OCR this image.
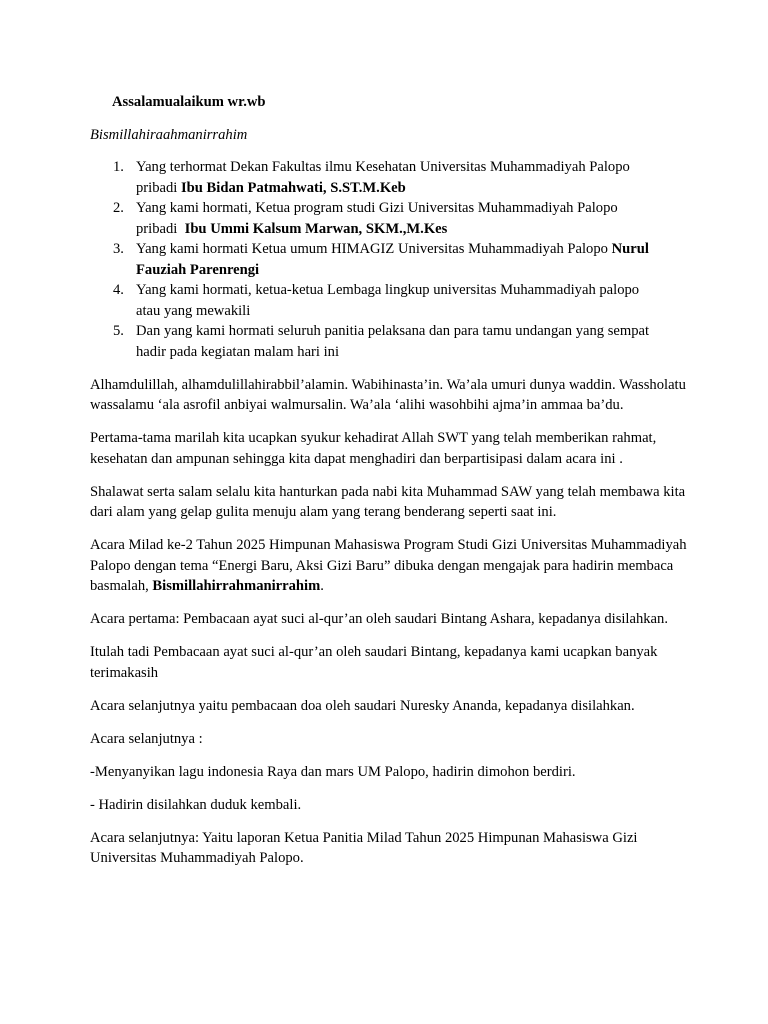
Assalamualaikum wr.wb

Bismillahiraahmanirrahim

1. Yang terhormat Dekan Fakultas ilmu Kesehatan Universitas Muhammadiyah Palopo
pribadi Ibu Bidan Patmahwati, S.ST.M.Keb
2. Yang kami hormati, Ketua program studi Gizi Universitas Muhammadiyah Palopo
pribadi  Ibu Ummi Kalsum Marwan, SKM.,M.Kes
3. Yang kami hormati Ketua umum HIMAGIZ Universitas Muhammadiyah Palopo Nurul Fauziah Parenrengi
4. Yang kami hormati, ketua-ketua Lembaga lingkup universitas Muhammadiyah palopo
atau yang mewakili
5. Dan yang kami hormati seluruh panitia pelaksana dan para tamu undangan yang sempat
hadir pada kegiatan malam hari ini

Alhamdulillah, alhamdulillahirabbil’alamin. Wabihinasta’in. Wa’ala umuri dunya waddin. Wassholatu wassalamu ‘ala asrofil anbiyai walmursalin. Wa’ala ‘alihi wasohbihi ajma’in ammaa ba’du.

Pertama-tama marilah kita ucapkan syukur kehadirat Allah SWT yang telah memberikan rahmat, kesehatan dan ampunan sehingga kita dapat menghadiri dan berpartisipasi dalam acara ini .

Shalawat serta salam selalu kita hanturkan pada nabi kita Muhammad SAW yang telah membawa kita dari alam yang gelap gulita menuju alam yang terang benderang seperti saat ini.

Acara Milad ke-2 Tahun 2025 Himpunan Mahasiswa Program Studi Gizi Universitas Muhammadiyah Palopo dengan tema “Energi Baru, Aksi Gizi Baru” dibuka dengan mengajak para hadirin membaca basmalah, Bismillahirrahmanirrahim.

Acara pertama: Pembacaan ayat suci al-qur’an oleh saudari Bintang Ashara, kepadanya disilahkan.

Itulah tadi Pembacaan ayat suci al-qur’an oleh saudari Bintang, kepadanya kami ucapkan banyak terimakasih

Acara selanjutnya yaitu pembacaan doa oleh saudari Nuresky Ananda, kepadanya disilahkan.

Acara selanjutnya :

-Menyanyikan lagu indonesia Raya dan mars UM Palopo, hadirin dimohon berdiri.

- Hadirin disilahkan duduk kembali.

Acara selanjutnya: Yaitu laporan Ketua Panitia Milad Tahun 2025 Himpunan Mahasiswa Gizi Universitas Muhammadiyah Palopo.
